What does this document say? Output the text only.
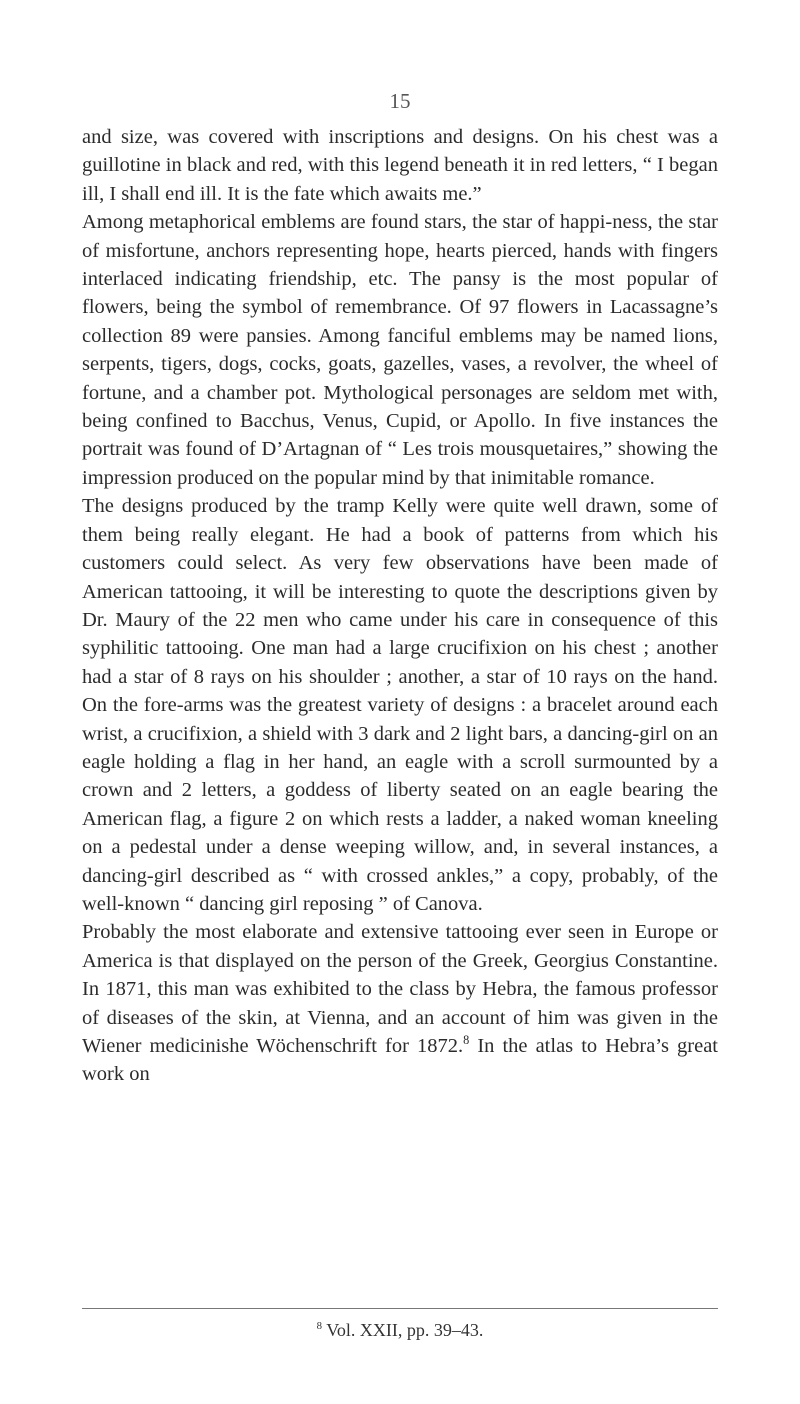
15

and size, was covered with inscriptions and designs. On his chest was a guillotine in black and red, with this legend beneath it in red letters, “ I began ill, I shall end ill. It is the fate which awaits me.”

Among metaphorical emblems are found stars, the star of happi-ness, the star of misfortune, anchors representing hope, hearts pierced, hands with fingers interlaced indicating friendship, etc. The pansy is the most popular of flowers, being the symbol of remembrance. Of 97 flowers in Lacassagne’s collection 89 were pansies. Among fanciful emblems may be named lions, serpents, tigers, dogs, cocks, goats, gazelles, vases, a revolver, the wheel of fortune, and a chamber pot. Mythological personages are seldom met with, being confined to Bacchus, Venus, Cupid, or Apollo. In five instances the portrait was found of D’Artagnan of “ Les trois mousquetaires,” showing the impression produced on the popular mind by that inimitable romance.

The designs produced by the tramp Kelly were quite well drawn, some of them being really elegant. He had a book of patterns from which his customers could select. As very few observations have been made of American tattooing, it will be interesting to quote the descriptions given by Dr. Maury of the 22 men who came under his care in consequence of this syphilitic tattooing. One man had a large crucifixion on his chest ; another had a star of 8 rays on his shoulder ; another, a star of 10 rays on the hand. On the fore-arms was the greatest variety of designs : a bracelet around each wrist, a crucifixion, a shield with 3 dark and 2 light bars, a dancing-girl on an eagle holding a flag in her hand, an eagle with a scroll surmounted by a crown and 2 letters, a goddess of liberty seated on an eagle bearing the American flag, a figure 2 on which rests a ladder, a naked woman kneeling on a pedestal under a dense weeping willow, and, in several instances, a dancing-girl described as “ with crossed ankles,” a copy, probably, of the well-known “ dancing girl reposing ” of Canova.

Probably the most elaborate and extensive tattooing ever seen in Europe or America is that displayed on the person of the Greek, Georgius Constantine. In 1871, this man was exhibited to the class by Hebra, the famous professor of diseases of the skin, at Vienna, and an account of him was given in the Wiener medicinishe Wöchenschrift for 1872.$^8$ In the atlas to Hebra’s great work on

$^8$ Vol. XXII, pp. 39–43.
